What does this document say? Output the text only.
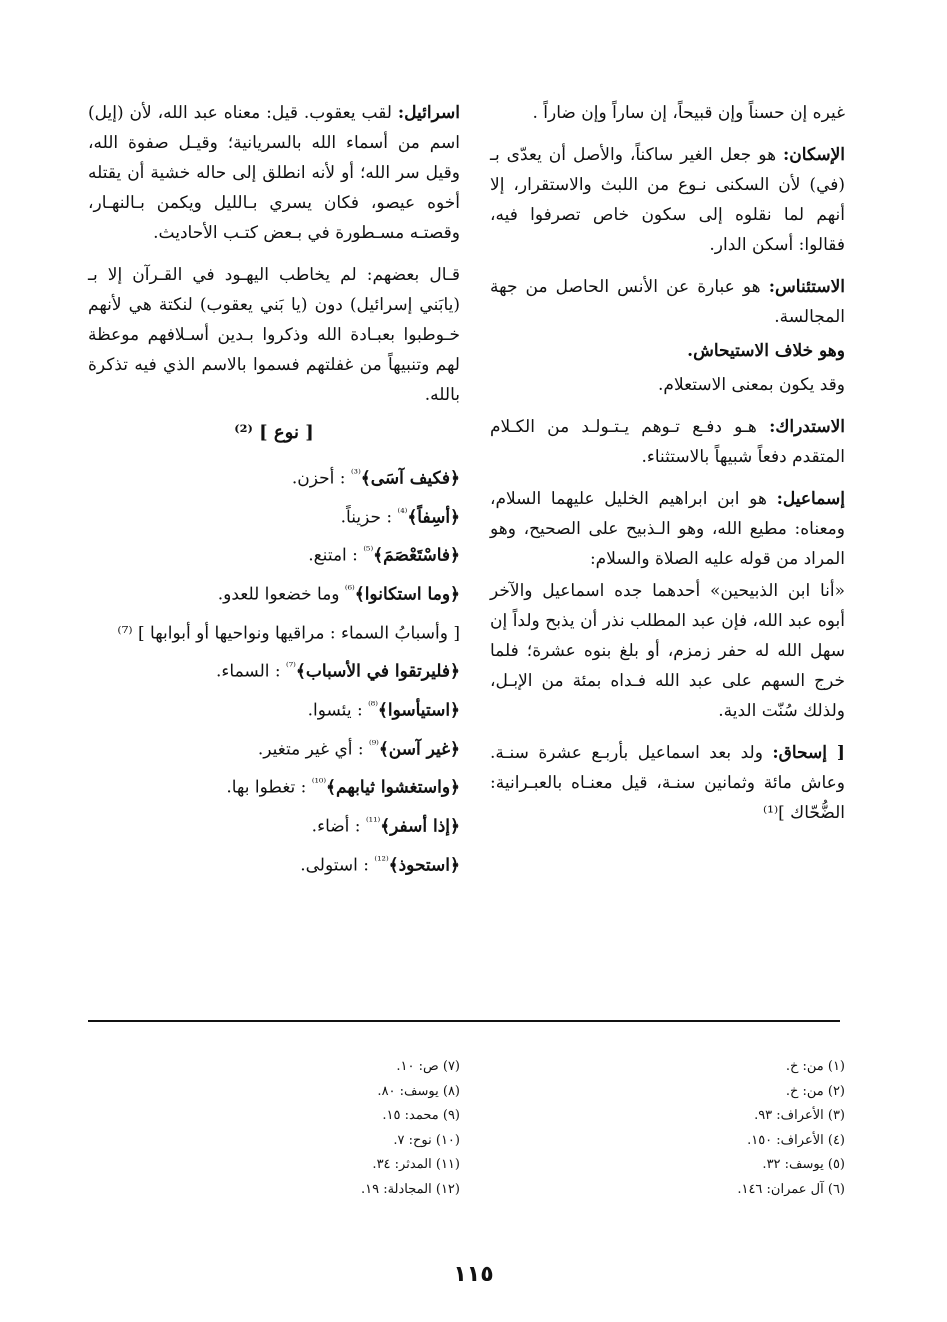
غيره إن حسناً وإن قبيحاً، إن ساراً وإن ضاراً .

الإسكان: هو جعل الغير ساكناً، والأصل أن يعدّى بـ (في) لأن السكنى نـوع من اللبث والاستقرار، إلا أنهم لما نقلوه إلى سكون خاص تصرفوا فيه، فقالوا: أسكن الدار.

الاستئناس: هو عبارة عن الأنس الحاصل من جهة المجالسة.

وهو خلاف الاستيحاش.

وقد يكون بمعنى الاستعلام.

الاستدراك: هـو دفـع تـوهم يـتـولـد من الكـلام المتقدم دفعاً شبيهاً بالاستثناء.

إسماعيل: هو ابن ابراهيم الخليل عليهما السلام، ومعناه: مطيع الله، وهو الـذبيح على الصحيح، وهو المراد من قوله عليه الصلاة والسلام:

«أنا ابن الذبيحين» أحدهما جده اسماعيل والآخر أبوه عبد الله، فإن عبد المطلب نذر أن يذبح ولداً إن سهل الله له حفر زمزم، أو بلغ بنوه عشرة؛ فلما خرج السهم على عبد الله فـداه بمئة من الإبـل، ولذلك سُنّت الدية.

[ إسحاق: ولد بعد اسماعيل بأربـع عشرة سنـة. وعاش مائة وثمانين سنـة، قيل معنـاه بالعبـرانية: الضُّحّاك ]⁽¹⁾

اسرائيل: لقب يعقوب. قيل: معناه عبد الله، لأن (إيل) اسم من أسماء الله بالسريانية؛ وقيـل صفوة الله، وقيل سر الله؛ أو لأنه انطلق إلى حاله خشية أن يقتله أخوه عيصو، فكان يسري بـالليل ويكمن بـالنهـار، وقصتـه مسـطورة في بـعض كتـب الأحاديث.

قـال بعضهم: لم يخاطب اليهـود في القـرآن إلا بـ (يابَني إسرائيل) دون (يا بَني يعقوب) لنكتة هي لأنهم خـوطبوا بعبـادة الله وذكروا بـدين أسـلافهم موعظة لهم وتنبيهاً من غفلتهم فسموا بالاسم الذي فيه تذكرة بالله.

[ نوع ] ⁽²⁾

﴿فكيف آسَى﴾$^{^{(3)}}$ : أحزن.

﴿أسِفاً﴾$^{^{(4)}}$ : حزيناً.

﴿فاسْتَعْصَمَ﴾$^{^{(5)}}$ : امتنع.

﴿وما استكانوا﴾$^{^{(6)}}$ وما خضعوا للعدو.

[ وأسبابُ السماء : مراقيها ونواحيها أو أبوابها ] ⁽⁷⁾

﴿فليرتقوا في الأسباب﴾$^{^{(7)}}$ : السماء.

﴿استيأسوا﴾$^{^{(8)}}$ : يئسوا.

﴿غير آسن﴾$^{^{(9)}}$ : أي غير متغير.

﴿واستغشوا ثيابهم﴾$^{^{(10)}}$ : تغطوا بها.

﴿إذا أسفر﴾$^{^{(11)}}$ : أضاء.

﴿استحوذ﴾$^{^{(12)}}$ : استولى.

(١) من: خ.

(٢) من: خ.

(٣) الأعراف: ٩٣.

(٤) الأعراف: ١٥٠.

(٥) يوسف: ٣٢.

(٦) آل عمران: ١٤٦.

(٧) ص: ١٠.

(٨) يوسف: ٨٠.

(٩) محمد: ١٥.

(١٠) نوح: ٧.

(١١) المدثر: ٣٤.

(١٢) المجادلة: ١٩.

١١٥
